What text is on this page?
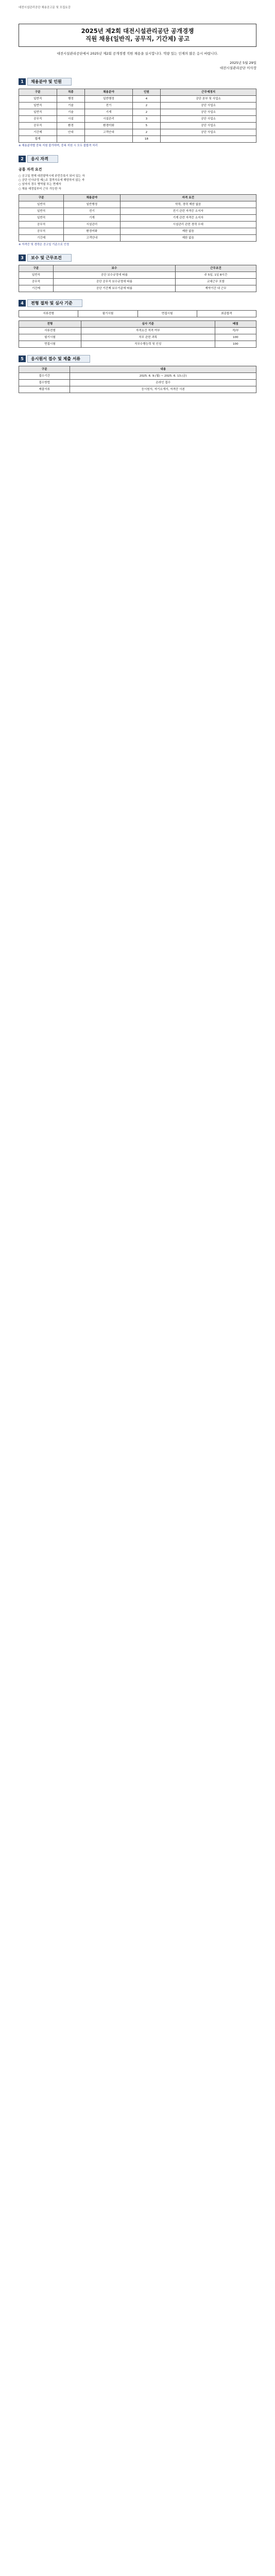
대전시설관리공단 채용공고문 및 모집요강
2025년 제2회 대전시설관리공단 공개경쟁
직원 채용(일반직, 공무직, 기간제) 공고
대전시설관리공단에서 2025년 제2회 공개경쟁 직원 채용을 실시합니다. 역량 있는 인재의 많은 응시 바랍니다.
2025년 5월 29일
대전시설관리공단 이사장
1	채용분야 및 인원
구분	직종	채용분야	인원	근무예정지
일반직	행정	일반행정	4	공단 본부 및 사업소
일반직	기술	전기	2	공단 사업소
일반직	기술	기계	2	공단 사업소
공무직	시설	시설관리	3	공단 사업소
공무직	환경	환경미화	5	공단 사업소
기간제	안내	고객안내	2	공단 사업소
합계			18	
※ 채용분야별 중복 지원 불가하며, 중복 지원 시 모두 불합격 처리
2	응시 자격
공통 자격 요건
○ 공고일 현재 대전광역시에 주민등록이 되어 있는 자
○ 공단 인사규정 제○조 결격사유에 해당하지 않는 자
○ 남자의 경우 병역필 또는 면제자
○ 채용 예정일부터 근무 가능한 자
구분	채용분야	자격 요건
일반직	일반행정	학력, 경력 제한 없음
일반직	전기	전기 관련 자격증 소지자
일반직	기계	기계 관련 자격증 소지자
공무직	시설관리	시설관리 관련 경력 우대
공무직	환경미화	제한 없음
기간제	고객안내	제한 없음
※ 자격증 및 경력은 공고일 기준으로 인정
3	보수 및 근무조건
구분	보수	근무조건
일반직	공단 보수규정에 따름	주 5일, 1일 8시간
공무직	공단 공무직 보수규정에 따름	교대근무 포함
기간제	공단 기간제 보수기준에 따름	계약기간 내 근무
4	전형 절차 및 심사 기준
서류전형	필기시험	면접시험	최종합격
전형	심사 기준	배점
서류전형	자격요건 적격 여부	적/부
필기시험	직무 관련 과목	100
면접시험	직무수행능력 및 인성	100
5	응시원서 접수 및 제출 서류
구분	내용
접수기간	2025. 6. 9.(월) ~ 2025. 6. 13.(금)
접수방법	온라인 접수
제출서류	응시원서, 자기소개서, 자격증 사본
